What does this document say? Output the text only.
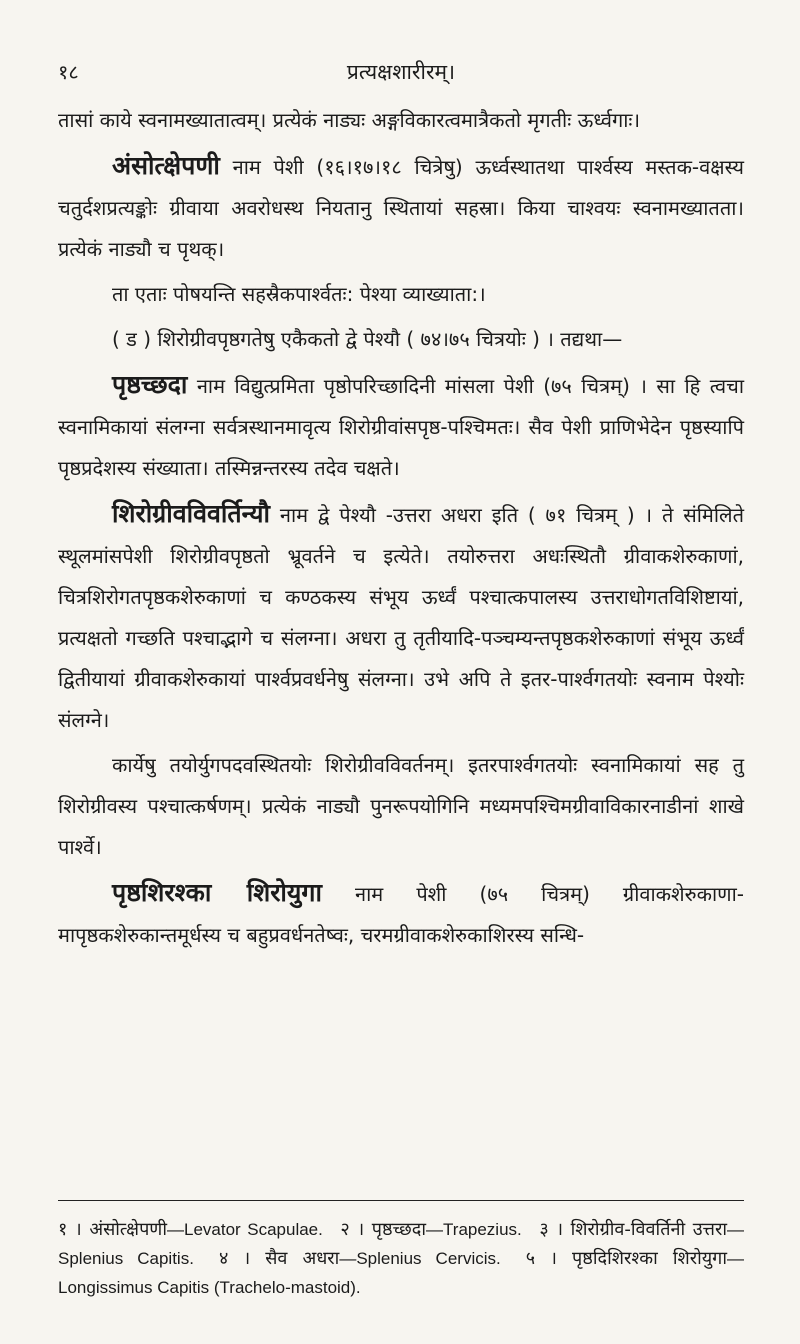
१८	प्रत्यक्षशारीरम्।

तासां काये स्वनामख्यातात्वम्। प्रत्येकं नाड्यः अङ्गविकारत्वमात्रैकतो मृगतीः ऊर्ध्वगाः।

अंसोत्क्षेपणी नाम पेशी (१६।१७।१८ चित्रेषु) ऊर्ध्वस्थातथा पार्श्वस्य मस्तक-वक्षस्य चतुर्दशप्रत्यङ्कोः ग्रीवाया अवरोधस्थ नियतानु स्थितायां सहस्रा। किया चाश्वयः स्वनामख्यातता। प्रत्येकं नाड्यौ च पृथक्।

ता एताः पोषयन्ति सहस्रैकपार्श्वतः: पेश्या व्याख्याता:।

( ड ) शिरोग्रीवपृष्ठगतेषु एकैकतो द्वे पेश्यौ ( ७४।७५ चित्रयोः ) । तद्यथा—

पृष्ठच्छदा नाम विद्युत्प्रमिता पृष्ठोपरिच्छादिनी मांसला पेशी (७५ चित्रम्) । सा हि त्वचा स्वनामिकायां संलग्ना सर्वत्रस्थानमावृत्य शिरोग्रीवांसपृष्ठ-पश्चिमतः। सैव पेशी प्राणिभेदेन पृष्ठस्यापि पृष्ठप्रदेशस्य संख्याता। तस्मिन्नन्तरस्य तदेव चक्षते।

शिरोग्रीवविवर्तिन्यौ नाम द्वे पेश्यौ -उत्तरा अधरा इति ( ७१ चित्रम् ) । ते संमिलिते स्थूलमांसपेशी शिरोग्रीवपृष्ठतो भ्रूवर्तने च इत्येते। तयोरुत्तरा अधःस्थितौ ग्रीवाकशेरुकाणां, चित्रशिरोगतपृष्ठकशेरुकाणां च कण्ठकस्य संभूय ऊर्ध्वं पश्चात्कपालस्य उत्तराधोगतविशिष्टायां, प्रत्यक्षतो गच्छति पश्चाद्भागे च संलग्ना। अधरा तु तृतीयादि-पञ्चम्यन्तपृष्ठकशेरुकाणां संभूय ऊर्ध्वं द्वितीयायां ग्रीवाकशेरुकायां पार्श्वप्रवर्धनेषु संलग्ना। उभे अपि ते इतर-पार्श्वगतयोः स्वनाम पेश्योः संलग्ने।

कार्येषु तयोर्युगपदवस्थितयोः शिरोग्रीवविवर्तनम्। इतरपार्श्वगतयोः स्वनामिकायां सह तु शिरोग्रीवस्य पश्चात्कर्षणम्। प्रत्येकं नाड्यौ पुनरूपयोगिनि मध्यमपश्चिमग्रीवाविकारनाडीनां शाखे पार्श्वे।

पृष्ठशिरश्का शिरोयुगा नाम पेशी (७५ चित्रम्) ग्रीवाकशेरुकाणा-मापृष्ठकशेरुकान्तमूर्धस्य च बहुप्रवर्धनतेष्वः, चरमग्रीवाकशेरुकाशिरस्य सन्धि-

१ । अंसोत्क्षेपणी—Levator Scapulae. २ । पृष्ठच्छदा—Trapezius. ३ । शिरोग्रीव-विवर्तिनी उत्तरा—Splenius Capitis. ४ । सैव अधरा—Splenius Cervicis. ५ । पृष्ठदिशिरश्का शिरोयुगा—Longissimus Capitis (Trachelo-mastoid).
